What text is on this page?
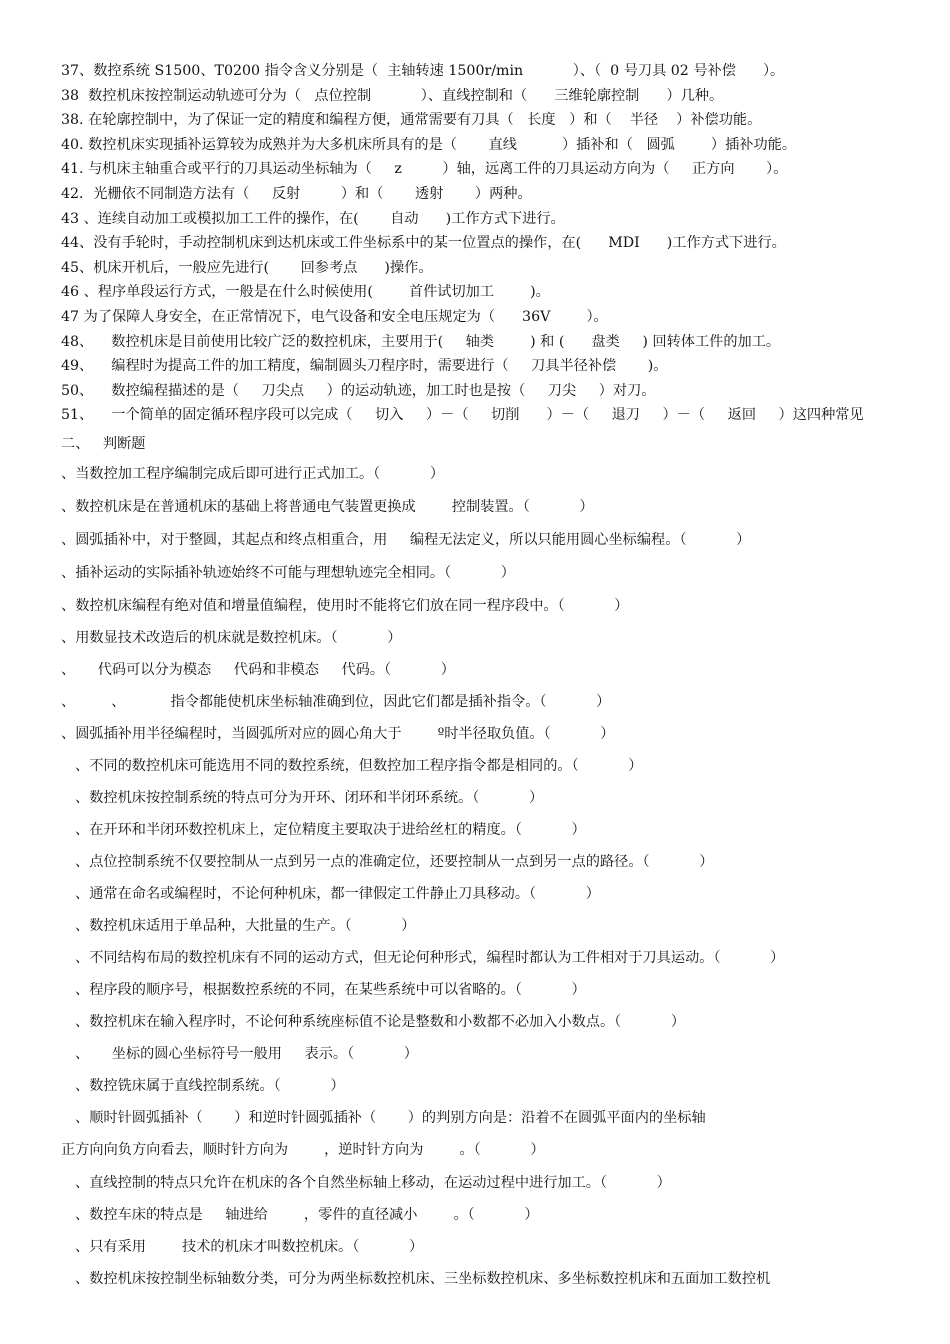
37、数控系统 S1500、T0200 指令含义分别是（  主轴转速 1500r/min           ）、（  0 号刀具 02 号补偿      ）。
38  数控机床按控制运动轨迹可分为（   点位控制           ）、直线控制和（      三维轮廓控制      ）几种。
38. 在轮廓控制中，为了保证一定的精度和编程方便，通常需要有刀具（   长度   ）和（    半径    ）补偿功能。
40. 数控机床实现插补运算较为成熟并为大多机床所具有的是（       直线          ）插补和（   圆弧        ）插补功能。
41. 与机床主轴重合或平行的刀具运动坐标轴为（     z         ）轴，远离工件的刀具运动方向为（     正方向       ）。
42．光栅依不同制造方法有（     反射         ）和（       透射       ）两种。
43 、连续自动加工或模拟加工工件的操作，在(       自动      )工作方式下进行。
44、没有手轮时，手动控制机床到达机床或工件坐标系中的某一位置点的操作，在(      MDI      )工作方式下进行。
45、机床开机后，一般应先进行(       回参考点      )操作。
46 、程序单段运行方式，一般是在什么时候使用(        首件试切加工        )。
47 为了保障人身安全，在正常情况下，电气设备和安全电压规定为（      36V        ）。
48、    数控机床是目前使用比较广泛的数控机床，主要用于(     轴类        ) 和 (      盘类     ) 回转体工件的加工。
49、    编程时为提高工件的加工精度，编制圆头刀程序时，需要进行（     刀具半径补偿       )。
50、    数控编程描述的是（     刀尖点     ）的运动轨迹，加工时也是按（     刀尖     ）对刀。
51、    一个简单的固定循环程序段可以完成（     切入     ）－（     切削      ）－（     退刀     ）－（     返回     ）这四种常见
二、   判断题
、当数控加工程序编制完成后即可进行正式加工。（           ）
、数控机床是在普通机床的基础上将普通电气装置更换成        控制装置。（           ）
、圆弧插补中，对于整圆，其起点和终点相重合，用     编程无法定义，所以只能用圆心坐标编程。（           ）
、插补运动的实际插补轨迹始终不可能与理想轨迹完全相同。（           ）
、数控机床编程有绝对值和增量值编程，使用时不能将它们放在同一程序段中。（           ）
、用数显技术改造后的机床就是数控机床。（           ）
、     代码可以分为模态     代码和非模态     代码。（           ）
、        、          指令都能使机床坐标轴准确到位，因此它们都是插补指令。（           ）
、圆弧插补用半径编程时，当圆弧所对应的圆心角大于        º时半径取负值。（           ）
、不同的数控机床可能选用不同的数控系统，但数控加工程序指令都是相同的。（           ）
、数控机床按控制系统的特点可分为开环、闭环和半闭环系统。（           ）
、在开环和半闭环数控机床上，定位精度主要取决于进给丝杠的精度。（           ）
、点位控制系统不仅要控制从一点到另一点的准确定位，还要控制从一点到另一点的路径。（           ）
、通常在命名或编程时，不论何种机床，都一律假定工件静止刀具移动。（           ）
、数控机床适用于单品种，大批量的生产。（           ）
、不同结构布局的数控机床有不同的运动方式，但无论何种形式，编程时都认为工件相对于刀具运动。（           ）
、程序段的顺序号，根据数控系统的不同，在某些系统中可以省略的。（           ）
、数控机床在输入程序时，不论何种系统座标值不论是整数和小数都不必加入小数点。（           ）
、     坐标的圆心坐标符号一般用     表示。（           ）
、数控铣床属于直线控制系统。（           ）
、顺时针圆弧插补（       ）和逆时针圆弧插补（       ）的判别方向是：沿着不在圆弧平面内的坐标轴
正方向向负方向看去，顺时针方向为        ，逆时针方向为        。（           ）
、直线控制的特点只允许在机床的各个自然坐标轴上移动，在运动过程中进行加工。（           ）
、数控车床的特点是     轴进给        ，零件的直径减小        。（           ）
、只有采用        技术的机床才叫数控机床。（           ）
、数控机床按控制坐标轴数分类，可分为两坐标数控机床、三坐标数控机床、多坐标数控机床和五面加工数控机
